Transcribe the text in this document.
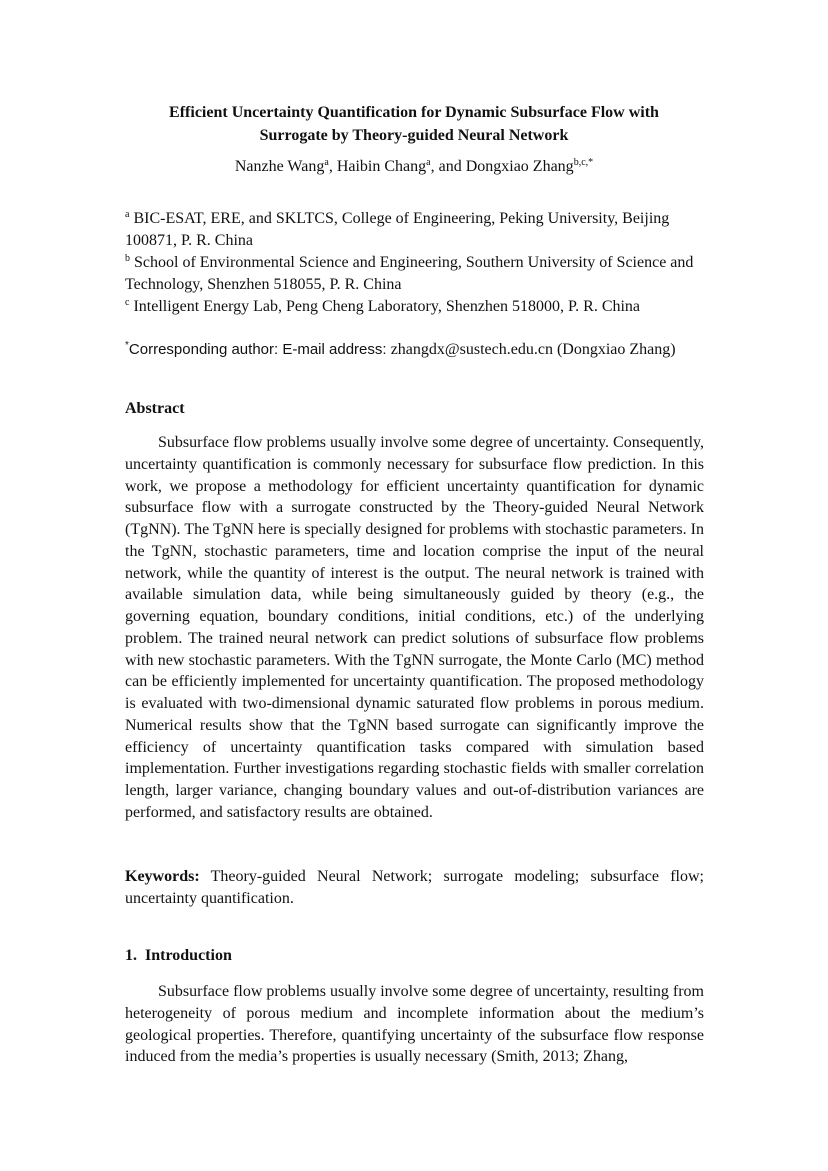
Efficient Uncertainty Quantification for Dynamic Subsurface Flow with
Surrogate by Theory-guided Neural Network
Nanzhe Wang$^a$, Haibin Chang$^a$, and Dongxiao Zhang$^{b,c,*}$

$^a$ BIC-ESAT, ERE, and SKLTCS, College of Engineering, Peking University, Beijing 100871, P. R. China

$^b$ School of Environmental Science and Engineering, Southern University of Science and Technology, Shenzhen 518055, P. R. China

$^c$ Intelligent Energy Lab, Peng Cheng Laboratory, Shenzhen 518000, P. R. China

*Corresponding author: E-mail address: zhangdx@sustech.edu.cn (Dongxiao Zhang)
Abstract
Subsurface flow problems usually involve some degree of uncertainty. Consequently, uncertainty quantification is commonly necessary for subsurface flow prediction. In this work, we propose a methodology for efficient uncertainty quantification for dynamic subsurface flow with a surrogate constructed by the Theory-guided Neural Network (TgNN). The TgNN here is specially designed for problems with stochastic parameters. In the TgNN, stochastic parameters, time and location comprise the input of the neural network, while the quantity of interest is the output. The neural network is trained with available simulation data, while being simultaneously guided by theory (e.g., the governing equation, boundary conditions, initial conditions, etc.) of the underlying problem. The trained neural network can predict solutions of subsurface flow problems with new stochastic parameters. With the TgNN surrogate, the Monte Carlo (MC) method can be efficiently implemented for uncertainty quantification. The proposed methodology is evaluated with two-dimensional dynamic saturated flow problems in porous medium. Numerical results show that the TgNN based surrogate can significantly improve the efficiency of uncertainty quantification tasks compared with simulation based implementation. Further investigations regarding stochastic fields with smaller correlation length, larger variance, changing boundary values and out-of-distribution variances are performed, and satisfactory results are obtained.
Keywords: Theory-guided Neural Network; surrogate modeling; subsurface flow; uncertainty quantification.
1.  Introduction
Subsurface flow problems usually involve some degree of uncertainty, resulting from heterogeneity of porous medium and incomplete information about the medium’s geological properties. Therefore, quantifying uncertainty of the subsurface flow response induced from the media’s properties is usually necessary (Smith, 2013; Zhang,
